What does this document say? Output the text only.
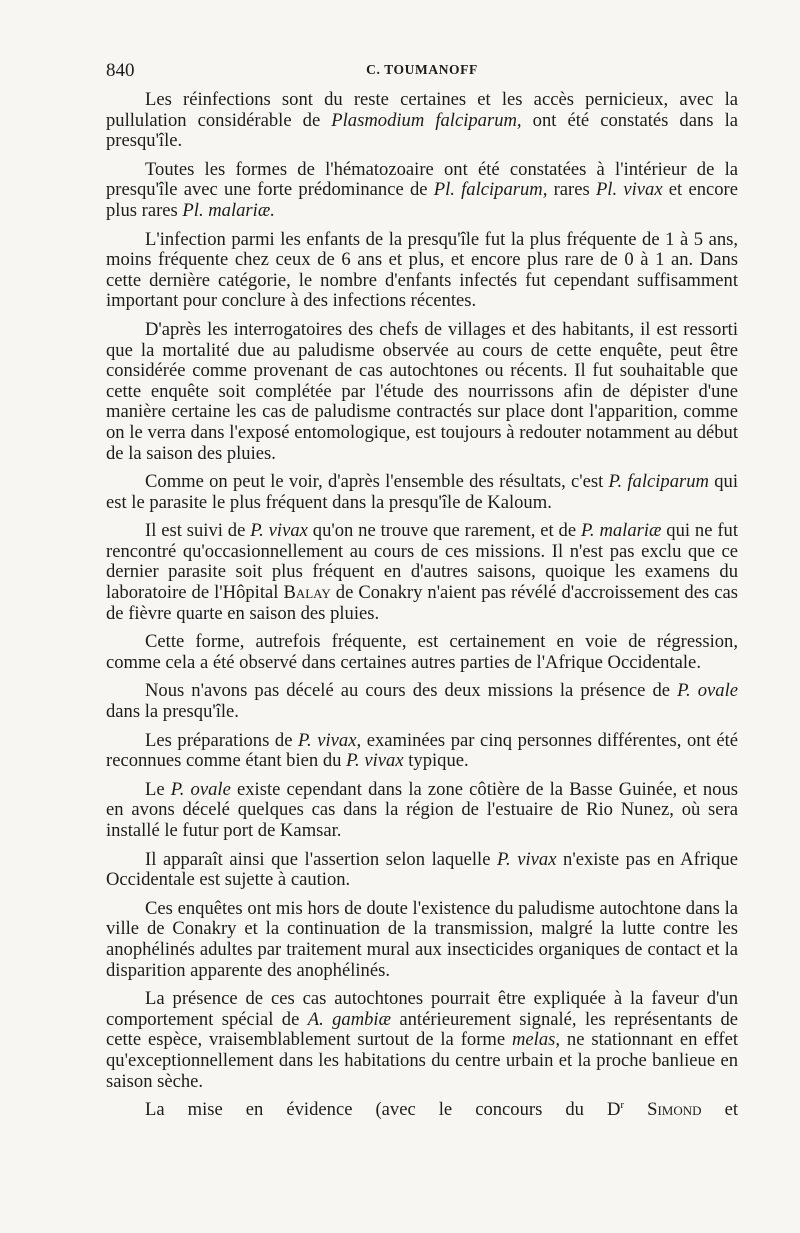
840	C. TOUMANOFF

Les réinfections sont du reste certaines et les accès pernicieux, avec la pullulation considérable de Plasmodium falciparum, ont été constatés dans la presqu'île.

Toutes les formes de l'hématozoaire ont été constatées à l'intérieur de la presqu'île avec une forte prédominance de Pl. falciparum, rares Pl. vivax et encore plus rares Pl. malariæ.

L'infection parmi les enfants de la presqu'île fut la plus fréquente de 1 à 5 ans, moins fréquente chez ceux de 6 ans et plus, et encore plus rare de 0 à 1 an. Dans cette dernière catégorie, le nombre d'enfants infectés fut cependant suffisamment important pour conclure à des infections récentes.

D'après les interrogatoires des chefs de villages et des habitants, il est ressorti que la mortalité due au paludisme observée au cours de cette enquête, peut être considérée comme provenant de cas autochtones ou récents. Il fut souhaitable que cette enquête soit complétée par l'étude des nourrissons afin de dépister d'une manière certaine les cas de paludisme contractés sur place dont l'apparition, comme on le verra dans l'exposé entomologique, est toujours à redouter notamment au début de la saison des pluies.

Comme on peut le voir, d'après l'ensemble des résultats, c'est P. falciparum qui est le parasite le plus fréquent dans la presqu'île de Kaloum.

Il est suivi de P. vivax qu'on ne trouve que rarement, et de P. malariæ qui ne fut rencontré qu'occasionnellement au cours de ces missions. Il n'est pas exclu que ce dernier parasite soit plus fréquent en d'autres saisons, quoique les examens du laboratoire de l'Hôpital Balay de Conakry n'aient pas révélé d'accroissement des cas de fièvre quarte en saison des pluies.

Cette forme, autrefois fréquente, est certainement en voie de régression, comme cela a été observé dans certaines autres parties de l'Afrique Occidentale.

Nous n'avons pas décelé au cours des deux missions la présence de P. ovale dans la presqu'île.

Les préparations de P. vivax, examinées par cinq personnes différentes, ont été reconnues comme étant bien du P. vivax typique.

Le P. ovale existe cependant dans la zone côtière de la Basse Guinée, et nous en avons décelé quelques cas dans la région de l'estuaire de Rio Nunez, où sera installé le futur port de Kamsar.

Il apparaît ainsi que l'assertion selon laquelle P. vivax n'existe pas en Afrique Occidentale est sujette à caution.

Ces enquêtes ont mis hors de doute l'existence du paludisme autochtone dans la ville de Conakry et la continuation de la transmission, malgré la lutte contre les anophélinés adultes par traitement mural aux insecticides organiques de contact et la disparition apparente des anophélinés.

La présence de ces cas autochtones pourrait être expliquée à la faveur d'un comportement spécial de A. gambiæ antérieurement signalé, les représentants de cette espèce, vraisemblablement surtout de la forme melas, ne stationnant en effet qu'exceptionnellement dans les habitations du centre urbain et la proche banlieue en saison sèche.

La mise en évidence (avec le concours du $D^r$ Simond et
